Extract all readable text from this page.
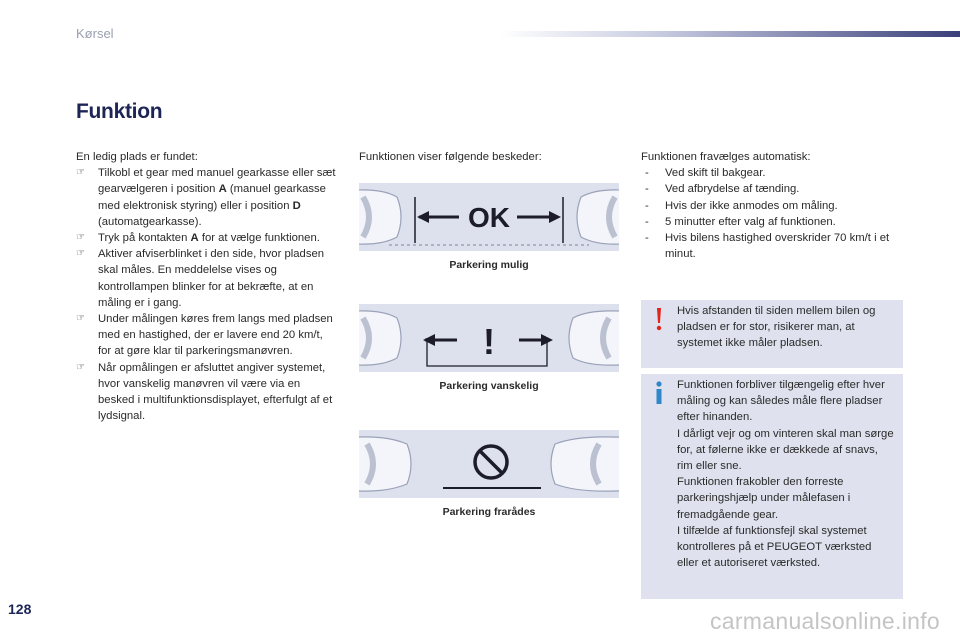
Kørsel
Funktion
En ledig plads er fundet:
☞ Tilkobl et gear med manuel gearkasse eller sæt gearvælgeren i position A (manuel gearkasse med elektronisk styring) eller i position D (automatgearkasse).
☞ Tryk på kontakten A for at vælge funktionen.
☞ Aktiver afviserblinket i den side, hvor pladsen skal måles. En meddelelse vises og kontrollampen blinker for at bekræfte, at en måling er i gang.
☞ Under målingen køres frem langs med pladsen med en hastighed, der er lavere end 20 km/t, for at gøre klar til parkeringsmanøvren.
☞ Når opmålingen er afsluttet angiver systemet, hvor vanskelig manøvren vil være via en besked i multifunktionsdisplayet, efterfulgt af et lydsignal.
Funktionen viser følgende beskeder:
OK
Parkering mulig
!
Parkering vanskelig
Parkering frarådes
Funktionen fravælges automatisk:
- Ved skift til bakgear.
- Ved afbrydelse af tænding.
- Hvis der ikke anmodes om måling.
- 5 minutter efter valg af funktionen.
- Hvis bilens hastighed overskrider 70 km/t i et minut.
Hvis afstanden til siden mellem bilen og pladsen er for stor, risikerer man, at systemet ikke måler pladsen.
Funktionen forbliver tilgængelig efter hver måling og kan således måle flere pladser efter hinanden.
I dårligt vejr og om vinteren skal man sørge for, at følerne ikke er dækkede af snavs, rim eller sne.
Funktionen frakobler den forreste parkeringshjælp under målefasen i fremadgående gear.
I tilfælde af funktionsfejl skal systemet kontrolleres på et PEUGEOT værksted eller et autoriseret værksted.
128	carmanualsonline.info
